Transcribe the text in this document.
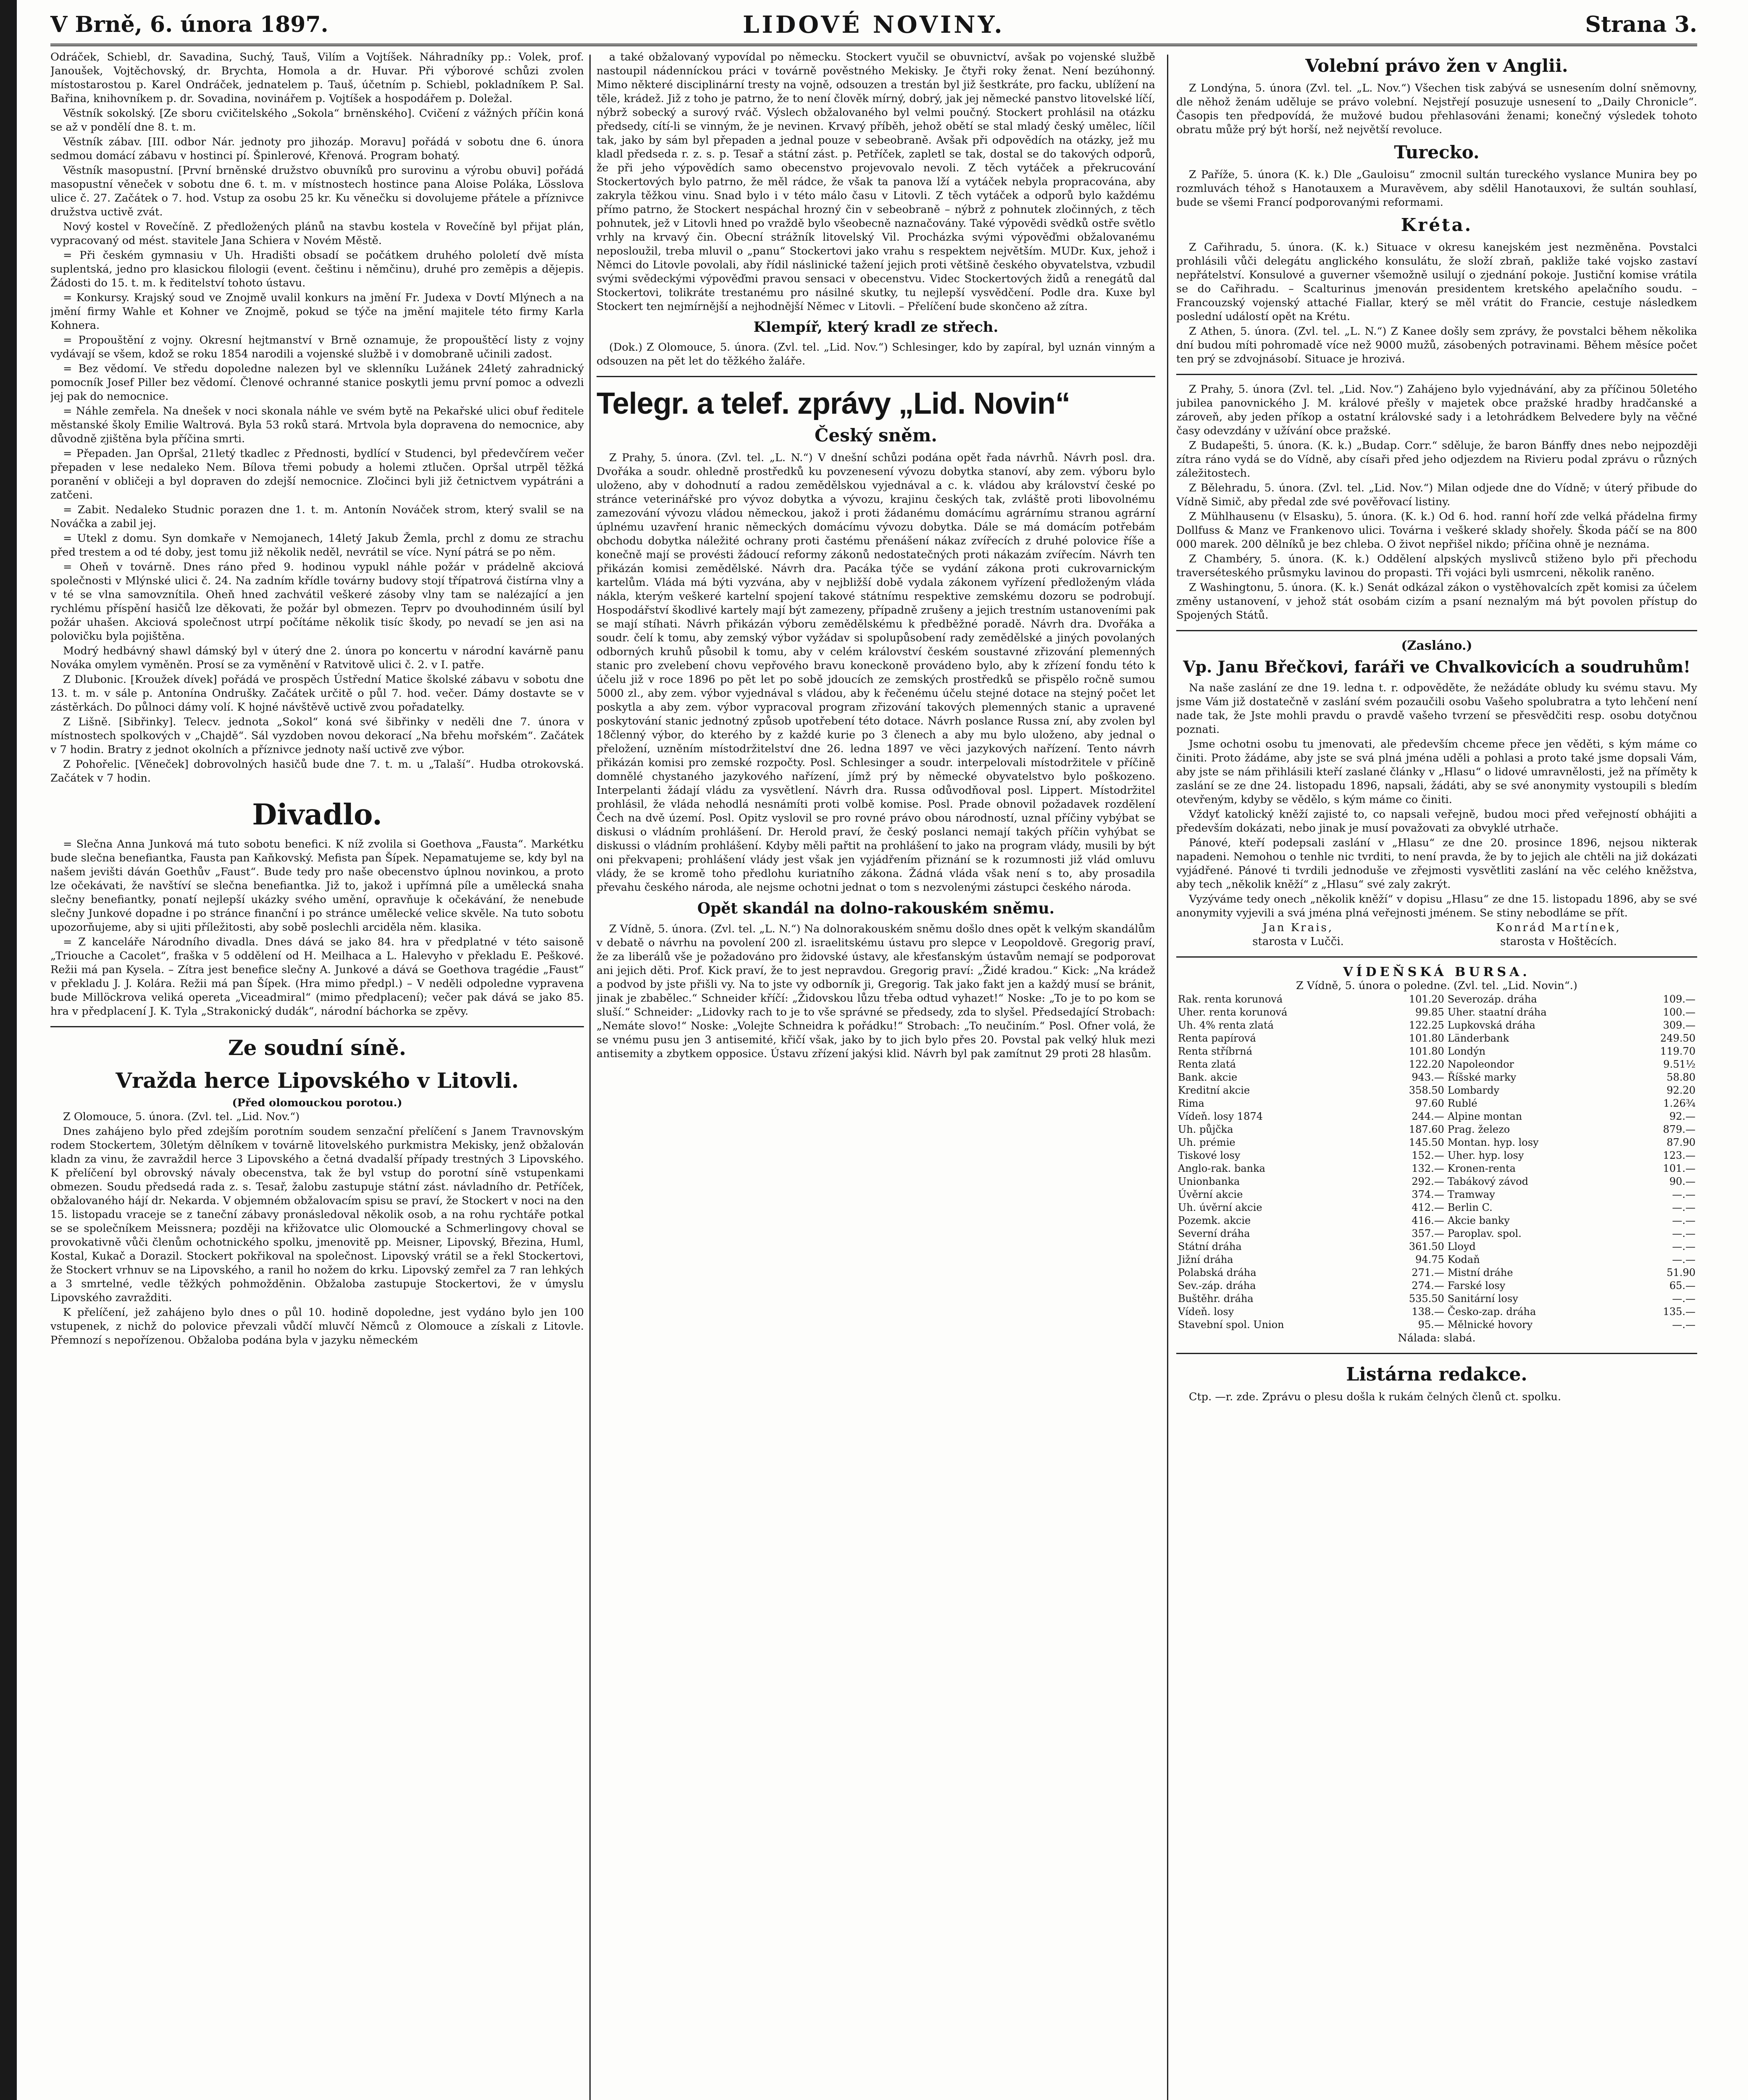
V Brně, 6. února 1897.	LIDOVÉ NOVINY.	Strana 3.

Odráček, Schiebl, dr. Savadina, Suchý, Tauš, Vilím a Vojtíšek. Náhradníky pp.: Volek, prof. Janoušek, Vojtěchovský, dr. Brychta, Homola a dr. Huvar. Při výborové schůzi zvolen místostarostou p. Karel Ondráček, jednatelem p. Tauš, účetním p. Schiebl, pokladníkem P. Sal. Bařina, knihovníkem p. dr. Sovadina, novinářem p. Vojtíšek a hospodářem p. Doležal.

Věstník sokolský. [Ze sboru cvičitelského „Sokola“ brněnského]. Cvičení z vážných příčin koná se až v pondělí dne 8. t. m.

Věstník zábav. [III. odbor Nár. jednoty pro jihozáp. Moravu] pořádá v sobotu dne 6. února sedmou domácí zábavu v hostinci pí. Špinlerové, Křenová. Program bohatý.

Věstník masopustní. [První brněnské družstvo obuvníků pro surovinu a výrobu obuvi] pořádá masopustní věneček v sobotu dne 6. t. m. v místnostech hostince pana Aloise Poláka, Lösslova ulice č. 27. Začátek o 7. hod. Vstup za osobu 25 kr. Ku věnečku si dovolujeme přátele a příznivce družstva uctivě zvát.

Nový kostel v Rovečíně. Z předložených plánů na stavbu kostela v Rovečíně byl přijat plán, vypracovaný od mést. stavitele Jana Schiera v Novém Městě.

= Při českém gymnasiu v Uh. Hradišti obsadí se počátkem druhého pololetí dvě místa suplentská, jedno pro klasickou filologii (event. češtinu i němčinu), druhé pro zeměpis a dějepis. Žádosti do 15. t. m. k ředitelství tohoto ústavu.

= Konkursy. Krajský soud ve Znojmě uvalil konkurs na jmění Fr. Judexa v Dovtí Mlýnech a na jmění firmy Wahle et Kohner ve Znojmě, pokud se týče na jmění majitele této firmy Karla Kohnera.

= Propouštění z vojny. Okresní hejtmanství v Brně oznamuje, že propouštěcí listy z vojny vydávají se všem, kdož se roku 1854 narodili a vojenské službě i v domobraně učinili zadost.

= Bez vědomí. Ve středu dopoledne nalezen byl ve sklenníku Lužánek 24letý zahradnický pomocník Josef Piller bez vědomí. Členové ochranné stanice poskytli jemu první pomoc a odvezli jej pak do nemocnice.

= Náhle zemřela. Na dnešek v noci skonala náhle ve svém bytě na Pekařské ulici obuf ředitele městanské školy Emilie Waltrová. Byla 53 roků stará. Mrtvola byla dopravena do nemocnice, aby důvodně zjištěna byla příčina smrti.

= Přepaden. Jan Opršal, 21letý tkadlec z Přednosti, bydlící v Studenci, byl předevčírem večer přepaden v lese nedaleko Nem. Bílova třemi pobudy a holemi ztlučen. Opršal utrpěl těžká poranění v obličeji a byl dopraven do zdejší nemocnice. Zločinci byli již četnictvem vypátráni a zatčeni.

= Zabit. Nedaleko Studnic porazen dne 1. t. m. Antonín Nováček strom, který svalil se na Nováčka a zabil jej.

= Utekl z domu. Syn domkaře v Nemojanech, 14letý Jakub Žemla, prchl z domu ze strachu před trestem a od té doby, jest tomu již několik neděl, nevrátil se více. Nyní pátrá se po něm.

= Oheň v továrně. Dnes ráno před 9. hodinou vypukl náhle požár v prádelně akciová společnosti v Mlýnské ulici č. 24. Na zadním křídle továrny budovy stojí třípatrová čistírna vlny a v té se vlna samovznítila. Oheň hned zachvátil veškeré zásoby vlny tam se nalézající a jen rychlému příspění hasičů lze děkovati, že požár byl obmezen. Teprv po dvouhodinném úsilí byl požár uhašen. Akciová společnost utrpí počítáme několik tisíc škody, po nevadí se jen asi na polovičku byla pojištěna.

Modrý hedbávný shawl dámský byl v úterý dne 2. února po koncertu v národní kavárně panu Nováka omylem vyměněn. Prosí se za vyměnění v Ratvitově ulici č. 2. v I. patře.

Z Dlubonic. [Kroužek dívek] pořádá ve prospěch Ústřední Matice školské zábavu v sobotu dne 13. t. m. v sále p. Antonína Ondrušky. Začátek určitě o půl 7. hod. večer. Dámy dostavte se v zástěrkách. Do půlnoci dámy volí. K hojné návštěvě uctivě zvou pořadatelky.

Z Lišně. [Sibřinky]. Telecv. jednota „Sokol“ koná své šibřinky v neděli dne 7. února v místnostech spolkových v „Chajdě“. Sál vyzdoben novou dekorací „Na břehu mořském“. Začátek v 7 hodin. Bratry z jednot okolních a příznivce jednoty naší uctivě zve výbor.

Z Pohořelic. [Věneček] dobrovolných hasičů bude dne 7. t. m. u „Talaší“. Hudba otrokovská. Začátek v 7 hodin.

Divadlo.

= Slečna Anna Junková má tuto sobotu benefici. K níž zvolila si Goethova „Fausta“. Markétku bude slečna benefiantka, Fausta pan Kaňkovský. Mefista pan Šípek. Nepamatujeme se, kdy byl na našem jevišti dáván Goethův „Faust“. Bude tedy pro naše obecenstvo úplnou novinkou, a proto lze očekávati, že navštíví se slečna benefiantka. Již to, jakož i upřímná píle a umělecká snaha slečny benefiantky, ponatí nejlepší ukázky svého umění, opravňuje k očekávání, že nenebude slečny Junkové dopadne i po stránce finanční i po stránce umělecké velice skvěle. Na tuto sobotu upozorňujeme, aby si ujiti příležitosti, aby sobě poslechli arciděla něm. klasika.

= Z kanceláře Národního divadla. Dnes dává se jako 84. hra v předplatné v této saisoně „Triouche a Cacolet“, fraška v 5 oddělení od H. Meilhaca a L. Halevyho v překladu E. Peškové. Režii má pan Kysela. – Zítra jest benefice slečny A. Junkové a dává se Goethova tragédie „Faust“ v překladu J. J. Kolára. Režii má pan Šípek. (Hra mimo předpl.) – V neděli odpoledne vypravena bude Millöckrova veliká opereta „Viceadmiral“ (mimo předplacení); večer pak dává se jako 85. hra v předplacení J. K. Tyla „Strakonický dudák“, národní báchorka se zpěvy.

Ze soudní síně.
Vražda herce Lipovského v Litovli.
(Před olomouckou porotou.)

Z Olomouce, 5. února. (Zvl. tel. „Lid. Nov.“)

Dnes zahájeno bylo před zdejším porotním soudem senzační přelíčení s Janem Travnovským rodem Stockertem, 30letým dělníkem v továrně litovelského purkmistra Mekisky, jenž obžalován kladn za vinu, že zavraždil herce 3 Lipovského a četná dvadalší případy trestných 3 Lipovského. K přelíčení byl obrovský návaly obecenstva, tak že byl vstup do porotní síně vstupenkami obmezen. Soudu předsedá rada z. s. Tesař, žalobu zastupuje státní zást. návladního dr. Petříček, obžalovaného hájí dr. Nekarda. V objemném obžalovacím spisu se praví, že Stockert v noci na den 15. listopadu vraceje se z taneční zábavy pronásledoval několik osob, a na rohu rychtáře potkal se se společníkem Meissnera; později na křižovatce ulic Olomoucké a Schmerlingovy choval se provokativně vůči členům ochotnického spolku, jmenovitě pp. Meisner, Lipovský, Březina, Huml, Kostal, Kukač a Dorazil. Stockert pokřikoval na společnost. Lipovský vrátil se a řekl Stockertovi, že Stockert vrhnuv se na Lipovského, a ranil ho nožem do krku. Lipovský zemřel za 7 ran lehkých a 3 smrtelné, vedle těžkých pohmožděnin. Obžaloba zastupuje Stockertovi, že v úmyslu Lipovského zavražditi.

K přelíčení, jež zahájeno bylo dnes o půl 10. hodině dopoledne, jest vydáno bylo jen 100 vstupenek, z nichž do polovice převzali vůdčí mluvčí Němců z Olomouce a získali z Litovle. Přemnozí s nepořízenou. Obžaloba podána byla v jazyku německém

a také obžalovaný vypovídal po německu. Stockert vyučil se obuvnictví, avšak po vojenské službě nastoupil nádenníckou práci v továrně pověstného Mekisky. Je čtyři roky ženat. Není bezúhonný. Mimo některé disciplinární tresty na vojně, odsouzen a trestán byl již šestkráte, pro facku, ublížení na těle, krádež. Již z toho je patrno, že to není člověk mírný, dobrý, jak jej německé panstvo litovelské líčí, nýbrž sobecký a surový rváč. Výslech obžalovaného byl velmi poučný. Stockert prohlásil na otázku předsedy, cítí-li se vinným, že je nevinen. Krvavý příběh, jehož obětí se stal mladý český umělec, líčil tak, jako by sám byl přepaden a jednal pouze v sebeobraně. Avšak při odpovědích na otázky, jež mu kladl předseda r. z. s. p. Tesař a státní zást. p. Petříček, zapletl se tak, dostal se do takových odporů, že při jeho výpovědích samo obecenstvo projevovalo nevoli. Z těch vytáček a překrucování Stockertových bylo patrno, že měl rádce, že však ta panova lží a vytáček nebyla propracována, aby zakryla těžkou vinu. Snad bylo i v této málo času v Litovli. Z těch vytáček a odporů bylo každému přímo patrno, že Stockert nespáchal hrozný čin v sebeobraně – nýbrž z pohnutek zločinných, z těch pohnutek, jež v Litovli hned po vraždě bylo všeobecně naznačovány. Také výpovědi svědků ostře světlo vrhly na krvavý čin. Obecní strážník litovelský Vil. Procházka svými výpověďmi obžalovanému neposloužil, treba mluvil o „panu“ Stockertovi jako vrahu s respektem největším. MUDr. Kux, jehož i Němci do Litovle povolali, aby řídil náslinické tažení jejich proti většině českého obyvatelstva, vzbudil svými svědeckými výpověďmi pravou sensaci v obecenstvu. Videc Stockertových židů a renegátů dal Stockertovi, tolikráte trestanému pro násilné skutky, tu nejlepší vysvědčení. Podle dra. Kuxe byl Stockert ten nejmírnější a nejhodnější Němec v Litovli. – Přelíčení bude skončeno až zítra.

Klempíř, který kradl ze střech.

(Dok.) Z Olomouce, 5. února. (Zvl. tel. „Lid. Nov.“) Schlesinger, kdo by zapíral, byl uznán vinným a odsouzen na pět let do těžkého žaláře.

Telegr. a telef. zprávy „Lid. Novin“
Český sněm.

Z Prahy, 5. února. (Zvl. tel. „L. N.“) V dnešní schůzi podána opět řada návrhů. Návrh posl. dra. Dvořáka a soudr. ohledně prostředků ku povzenesení vývozu dobytka stanoví, aby zem. výboru bylo uloženo, aby v dohodnutí a radou zemědělskou vyjednával a c. k. vládou aby království české po stránce veterinářské pro vývoz dobytka a vývozu, krajinu českých tak, zvláště proti libovolnému zamezování vývozu vládou německou, jakož i proti žádanému domácímu agrárnímu stranou agrární úplnému uzavření hranic německých domácímu vývozu dobytka. Dále se má domácím potřebám obchodu dobytka náležité ochrany proti častému přenášení nákaz zvířecích z druhé polovice říše a konečně mají se provésti žádoucí reformy zákonů nedostatečných proti nákazám zvířecím. Návrh ten přikázán komisi zemědělské. Návrh dra. Pacáka týče se vydání zákona proti cukrovarnickým kartelům. Vláda má býti vyzvána, aby v nejbližší době vydala zákonem vyřízení předloženým vláda nákla, kterým veškeré kartelní spojení takové státnímu respektive zemskému dozoru se podrobují. Hospodářství škodlivé kartely mají být zamezeny, případně zrušeny a jejich trestním ustanoveními pak se mají stíhati. Návrh přikázán výboru zemědělskému k předběžné poradě. Návrh dra. Dvořáka a soudr. čelí k tomu, aby zemský výbor vyžádav si spolupůsobení rady zemědělské a jiných povolaných odborných kruhů působil k tomu, aby v celém království českém soustavné zřizování plemenných stanic pro zvelebení chovu vepřového bravu koneckoně provádeno bylo, aby k zřízení fondu této k účelu již v roce 1896 po pět let po sobě jdoucích ze zemských prostředků se přispělo ročně sumou 5000 zl., aby zem. výbor vyjednával s vládou, aby k řečenému účelu stejné dotace na stejný počet let poskytla a aby zem. výbor vypracoval program zřizování takových plemenných stanic a upravené poskytování stanic jednotný způsob upotřebení této dotace. Návrh poslance Russa zní, aby zvolen byl 18členný výbor, do kterého by z každé kurie po 3 členech a aby mu bylo uloženo, aby jednal o přeložení, uzněním místodržitelství dne 26. ledna 1897 ve věci jazykových nařízení. Tento návrh přikázán komisi pro zemské rozpočty. Posl. Schlesinger a soudr. interpelovali místodržitele v příčině domnělé chystaného jazykového nařízení, jímž prý by německé obyvatelstvo bylo poškozeno. Interpelanti žádají vládu za vysvětlení. Návrh dra. Russa odůvodňoval posl. Lippert. Místodržitel prohlásil, že vláda nehodlá nesnámíti proti volbě komise. Posl. Prade obnovil požadavek rozdělení Čech na dvě území. Posl. Opitz vyslovil se pro rovné právo obou národností, uznal příčiny vybýbat se diskusi o vládním prohlášení. Dr. Herold praví, že český poslanci nemají takých příčin vyhýbat se diskussi o vládním prohlášení. Kdyby měli pařtit na prohlášení to jako na program vlády, musili by být oni překvapeni; prohlášení vlády jest však jen vyjádřením přiznání se k rozumnosti již vlád omluvu vlády, že se kromě toho předlohu kuriatního zákona. Žádná vláda však není s to, aby prosadila převahu českého národa, ale nejsme ochotni jednat o tom s nezvolenými zástupci českého národa.

Opět skandál na dolno-rakouském sněmu.

Z Vídně, 5. února. (Zvl. tel. „L. N.“) Na dolnorakouském sněmu došlo dnes opět k velkým skandálům v debatě o návrhu na povolení 200 zl. israelitskému ústavu pro slepce v Leopoldově. Gregorig praví, že za liberálů vše je požadováno pro židovské ústavy, ale křesťanským ústavům nemají se podporovat ani jejich děti. Prof. Kick praví, že to jest nepravdou. Gregorig praví: „Židé kradou.“ Kick: „Na krádež a podvod by jste přišli vy. Na to jste vy odborník ji, Gregorig. Tak jako fakt jen a každý musí se bránit, jinak je zbabělec.“ Schneider kříčí: „Židovskou lůzu třeba odtud vyhazet!“ Noske: „To je to po kom se sluší.“ Schneider: „Lidovky rach to je to vše správné se předsedy, zda to slyšel. Předsedající Strobach: „Nemáte slovo!“ Noske: „Volejte Schneidra k pořádku!“ Strobach: „To neučiním.“ Posl. Ofner volá, že se vnému pusu jen 3 antisemité, křičí však, jako by to jich bylo přes 20. Povstal pak velký hluk mezi antisemity a zbytkem opposice. Ústavu zřízení jakýsi klid. Návrh byl pak zamítnut 29 proti 28 hlasům.

Volební právo žen v Anglii.

Z Londýna, 5. února (Zvl. tel. „L. Nov.“) Všechen tisk zabývá se usnesením dolní sněmovny, dle něhož ženám uděluje se právo volební. Nejstřejí posuzuje usnesení to „Daily Chronicle“. Časopis ten předpovídá, že mužové budou přehlasováni ženami; konečný výsledek tohoto obratu může prý být horší, než největší revoluce.

Turecko.

Z Paříže, 5. února (K. k.) Dle „Gauloisu“ zmocnil sultán tureckého vyslance Munira bey po rozmluvách téhož s Hanotauxem a Muravěvem, aby sdělil Hanotauxovi, že sultán souhlasí, bude se všemi Francí podporovanými reformami.

Kréta.

Z Cařihradu, 5. února. (K. k.) Situace v okresu kanejském jest nezměněna. Povstalci prohlásili vůči delegátu anglického konsulátu, že složí zbraň, pakliže také vojsko zastaví nepřátelství. Konsulové a guverner všemožně usilují o zjednání pokoje. Justiční komise vrátila se do Cařihradu. – Scalturinus jmenován presidentem kretského apelačního soudu. – Francouzský vojenský attaché Fiallar, který se měl vrátit do Francie, cestuje následkem poslední událostí opět na Krétu.

Z Athen, 5. února. (Zvl. tel. „L. N.“) Z Kanee došly sem zprávy, že povstalci během několika dní budou míti pohromadě více než 9000 mužů, zásobených potravinami. Během měsíce počet ten prý se zdvojnásobí. Situace je hrozivá.

Z Prahy, 5. února (Zvl. tel. „Lid. Nov.“) Zahájeno bylo vyjednávání, aby za příčinou 50letého jubilea panovnického J. M. králové přešly v majetek obce pražské hradby hradčanské a zároveň, aby jeden příkop a ostatní královské sady i a letohrádkem Belvedere byly na věčné časy odevzdány v užívání obce pražské.

Z Budapešti, 5. února. (K. k.) „Budap. Corr.“ sděluje, že baron Bánffy dnes nebo nejpozději zítra ráno vydá se do Vídně, aby císaři před jeho odjezdem na Rivieru podal zprávu o různých záležitostech.

Z Bělehradu, 5. února. (Zvl. tel. „Lid. Nov.“) Milan odjede dne do Vídně; v úterý přibude do Vídně Simič, aby předal zde své pověřovací listiny.

Z Mühlhausenu (v Elsasku), 5. února. (K. k.) Od 6. hod. ranní hoří zde velká přádelna firmy Dollfuss & Manz ve Frankenovo ulici. Továrna i veškeré sklady shořely. Škoda páčí se na 800 000 marek. 200 dělníků je bez chleba. O život nepřišel nikdo; příčina ohně je neznáma.

Z Chambéry, 5. února. (K. k.) Oddělení alpských myslivců stiženo bylo při přechodu traverséteského průsmyku lavinou do propasti. Tři vojáci byli usmrceni, několik raněno.

Z Washingtonu, 5. února. (K. k.) Senát odkázal zákon o vystěhovalcích zpět komisi za účelem změny ustanovení, v jehož stát osobám cizím a psaní neznalým má být povolen přístup do Spojených Států.

(Zasláno.)
Vp. Janu Břečkovi, faráři ve Chvalkovicích a soudruhům!

Na naše zaslání ze dne 19. ledna t. r. odpověděte, že nežádáte obludy ku svému stavu. My jsme Vám již dostatečně v zaslání svém pozaučili osobu Vašeho spolubratra a tyto lehčení není nade tak, že Jste mohli pravdu o pravdě vašeho tvrzení se přesvědčiti resp. osobu dotyčnou poznati.

Jsme ochotni osobu tu jmenovati, ale především chceme přece jen věděti, s kým máme co činiti. Proto žádáme, aby jste se svá plná jména uděli a pohlasi a proto také jsme dopsali Vám, aby jste se nám přihlásili kteří zaslané články v „Hlasu“ o lidové umravnělosti, jež na příměty k zaslání se ze dne 24. listopadu 1896, napsali, žádáti, aby se své anonymity vystoupili s bledím otevřeným, kdyby se vědělo, s kým máme co činiti.

Vždyť katolický kněží zajisté to, co napsali veřejně, budou moci před veřejností obhájiti a především dokázati, nebo jinak je musí považovati za obvyklé utrhače.

Pánové, kteří podepsali zaslání v „Hlasu“ ze dne 20. prosince 1896, nejsou nikterak napadeni. Nemohou o tenhle nic tvrditi, to není pravda, že by to jejich ale chtěli na již dokázati vyjádřené. Pánové ti tvrdili jednoduše ve zřejmosti vysvětliti zaslání na věc celého kněžstva, aby tech „několik kněží“ z „Hlasu“ své zaly zakrýt.

Vyzýváme tedy onech „několik kněží“ v dopisu „Hlasu“ ze dne 15. listopadu 1896, aby se své anonymity vyjevili a svá jména plná veřejnosti jménem. Se stiny nebodláme se přít.

Jan Krais,
starosta v Lučči.
Konrád Martínek,
starosta v Hoštěcích.
VÍDEŇSKÁ BURSA.
Z Vídně, 5. února o poledne. (Zvl. tel. „Lid. Novin“.)
Rak. renta korunová	101.20	Severozáp. dráha	109.—
Uher. renta korunová	99.85	Uher. staatní dráha	100.—
Uh. 4% renta zlatá	122.25	Lupkovská dráha	309.—
Renta papírová	101.80	Länderbank	249.50
Renta stříbrná	101.80	Londýn	119.70
Renta zlatá	122.20	Napoleondor	9.51½
Bank. akcie	943.—	Říšské marky	58.80
Kreditní akcie	358.50	Lombardy	92.20
Rima	97.60	Rublé	1.26¾
Vídeň. losy 1874	244.—	Alpine montan	92.—
Uh. půjčka	187.60	Prag. železo	879.—
Uh. prémie	145.50	Montan. hyp. losy	87.90
Tiskové losy	152.—	Uher. hyp. losy	123.—
Anglo-rak. banka	132.—	Kronen-renta	101.—
Unionbanka	292.—	Tabákový závod	90.—
Úvěrní akcie	374.—	Tramway	—.—
Uh. úvěrní akcie	412.—	Berlin C.	—.—
Pozemk. akcie	416.—	Akcie banky	—.—
Severní dráha	357.—	Paroplav. spol.	—.—
Státní dráha	361.50	Lloyd	—.—
Jižní dráha	94.75	Kodaň	—.—
Polabská dráha	271.—	Mistní dráhe	51.90
Sev.-záp. dráha	274.—	Farské losy	65.—
Buštěhr. dráha	535.50	Sanitární losy	—.—
Vídeň. losy	138.—	Česko-zap. dráha	135.—
Stavební spol. Union	95.—	Mělnické hovory	—.—
Nálada: slabá.
Listárna redakce.

Ctp. —r. zde. Zprávu o plesu došla k rukám čelných členů ct. spolku.
